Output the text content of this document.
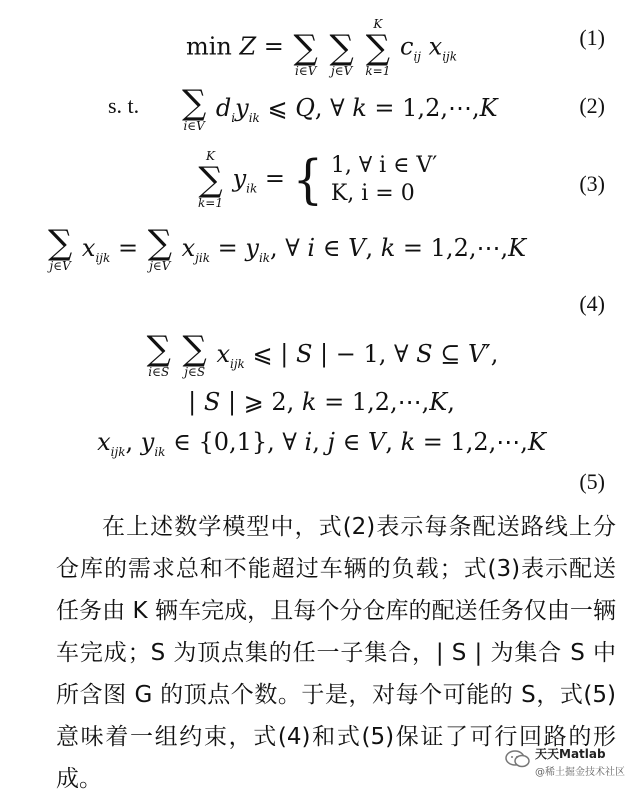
min Z =
∑
i∈V

∑
j∈V

K
∑
k=1
$c_{ij}$ $x_{ijk}$
(1)
s. t. ∑
i∈V
$d_iy_{ik}$ ⩽ Q, ∀ k = 1,2,⋯,K	(2)
K
∑
k=1
$y_{ik}$ = { 1, ∀ i ∈ V′
K, i = 0	(3)
∑
j∈V
$x_{ijk}$ = ∑
j∈V
$x_{jik} = y_{ik}$, ∀ i ∈ V, k = 1,2,⋯,K
(4)
∑
i∈S

∑
j∈S
$x_{ijk}$ ⩽ | S | − 1, ∀ S ⊆ V′,
| S | ⩾ 2, k = 1,2,⋯,K,
$x_{ijk}$, $y_{ik}$ ∈ {0,1}, ∀ i, j ∈ V, k = 1,2,⋯,K
(5)

在上述数学模型中，式(2)表示每条配送路线上分仓库的需求总和不能超过车辆的负载；式(3)表示配送任务由 K 辆车完成，且每个分仓库的配送任务仅由一辆车完成；S 为顶点集的任一子集合，| S | 为集合 S 中所含图 G 的顶点个数。于是，对每个可能的 S，式(5)意味着一组约束，式(4)和式(5)保证了可行回路的形成。

天天Matlab
@稀土掘金技术社区
